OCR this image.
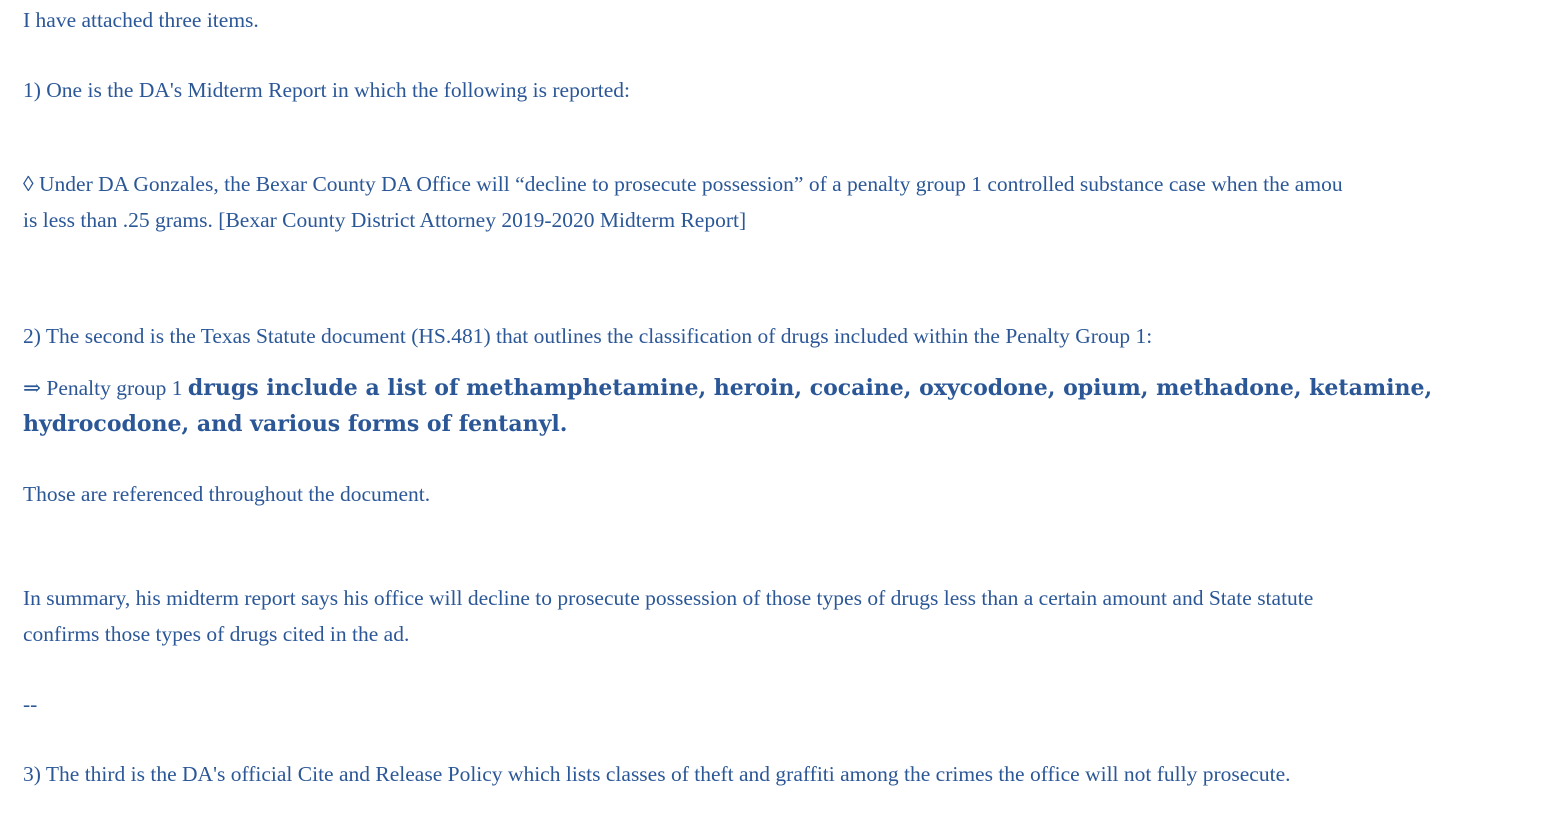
I have attached three items.
1) One is the DA's Midterm Report in which the following is reported:
◊ Under DA Gonzales, the Bexar County DA Office will “decline to prosecute possession” of a penalty group 1 controlled substance case when the amou
is less than .25 grams. [Bexar County District Attorney 2019-2020 Midterm Report]
2) The second is the Texas Statute document (HS.481) that outlines the classification of drugs included within the Penalty Group 1:
⇒ Penalty group 1 drugs include a list of methamphetamine, heroin, cocaine, oxycodone, opium, methadone, ketamine,
hydrocodone, and various forms of fentanyl.
Those are referenced throughout the document.
In summary, his midterm report says his office will decline to prosecute possession of those types of drugs less than a certain amount and State statute
confirms those types of drugs cited in the ad.
--
3) The third is the DA's official Cite and Release Policy which lists classes of theft and graffiti among the crimes the office will not fully prosecute.
